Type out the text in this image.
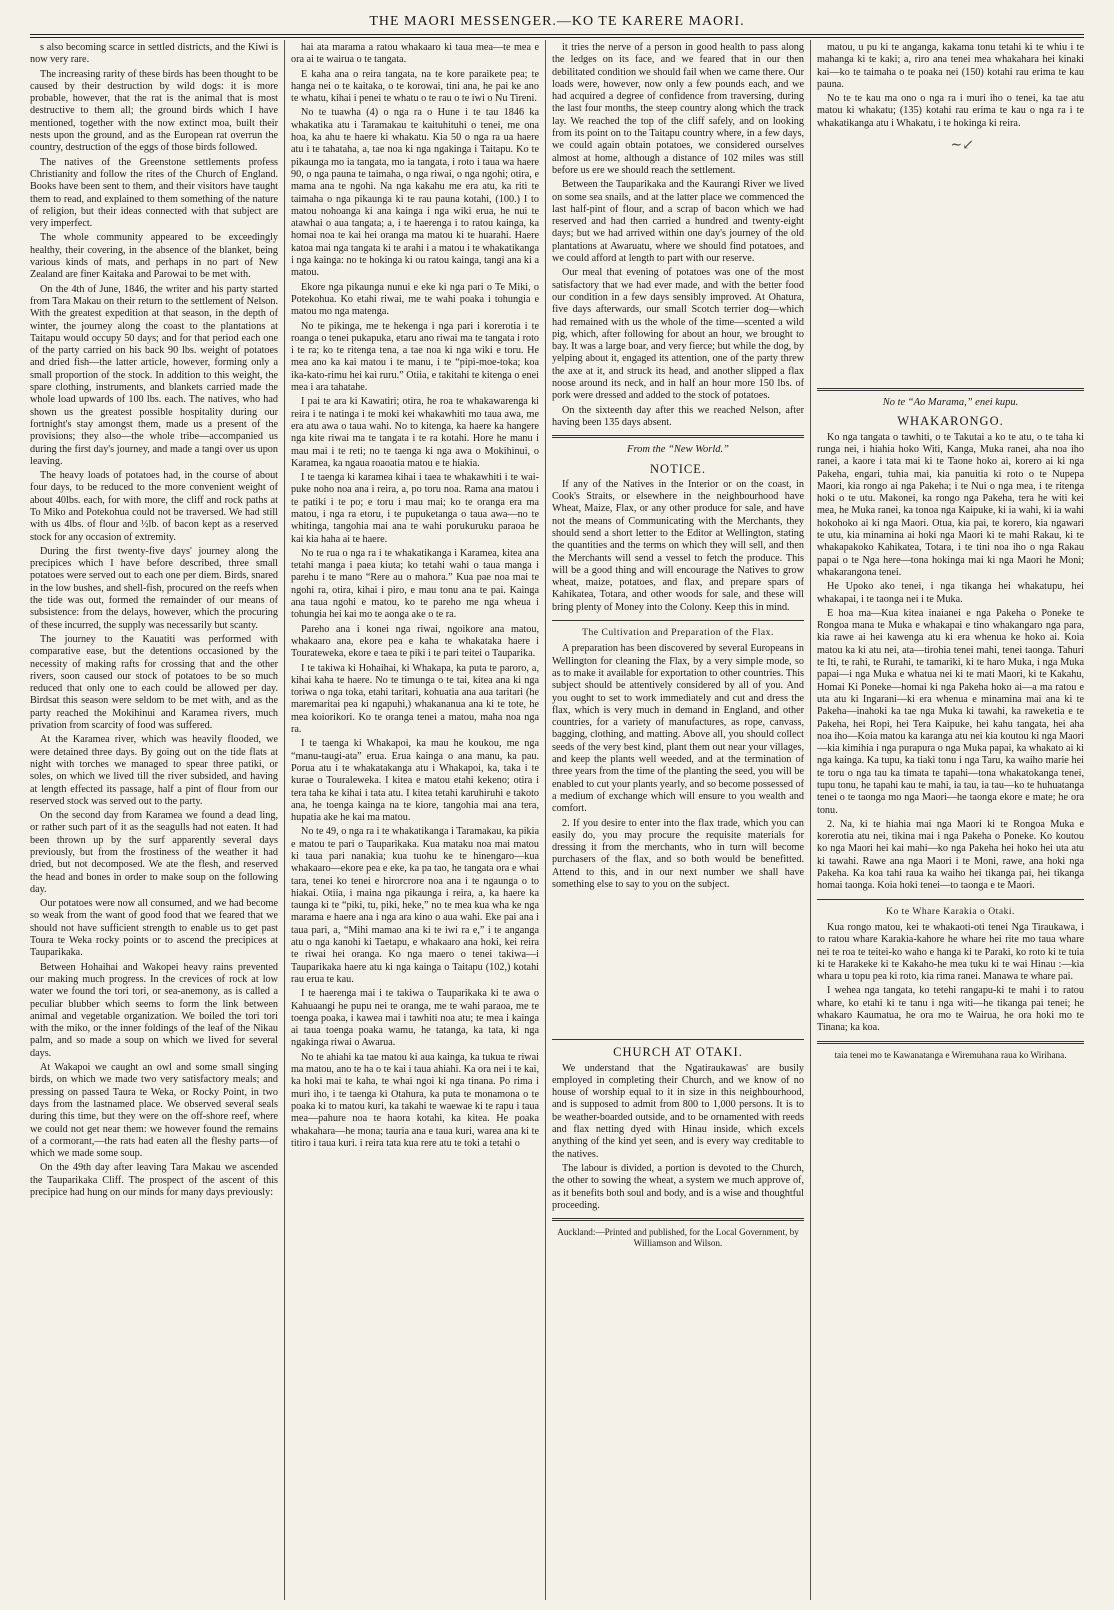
THE MAORI MESSENGER.—KO TE KARERE MAORI.

s also becoming scarce in settled districts, and the Kiwi is now very rare.

The increasing rarity of these birds has been thought to be caused by their destruction by wild dogs: it is more probable, however, that the rat is the animal that is most destructive to them all; the ground birds which I have mentioned, together with the now extinct moa, built their nests upon the ground, and as the European rat overrun the country, destruction of the eggs of those birds followed.

The natives of the Greenstone settlements profess Christianity and follow the rites of the Church of England. Books have been sent to them, and their visitors have taught them to read, and explained to them something of the nature of religion, but their ideas connected with that subject are very imperfect.

The whole community appeared to be exceedingly healthy, their covering, in the absence of the blanket, being various kinds of mats, and perhaps in no part of New Zealand are finer Kaitaka and Parowai to be met with.

On the 4th of June, 1846, the writer and his party started from Tara Makau on their return to the settlement of Nelson. With the greatest expedition at that season, in the depth of winter, the journey along the coast to the plantations at Taitapu would occupy 50 days; and for that period each one of the party carried on his back 90 lbs. weight of potatoes and dried fish—the latter article, however, forming only a small proportion of the stock. In addition to this weight, the spare clothing, instruments, and blankets carried made the whole load upwards of 100 lbs. each. The natives, who had shown us the greatest possible hospitality during our fortnight's stay amongst them, made us a present of the provisions; they also—the whole tribe—accompanied us during the first day's journey, and made a tangi over us upon leaving.

The heavy loads of potatoes had, in the course of about four days, to be reduced to the more convenient weight of about 40lbs. each, for with more, the cliff and rock paths at To Miko and Potekohua could not be traversed. We had still with us 4lbs. of flour and ½lb. of bacon kept as a reserved stock for any occasion of extremity.

During the first twenty-five days' journey along the precipices which I have before described, three small potatoes were served out to each one per diem. Birds, snared in the low bushes, and shell-fish, procured on the reefs when the tide was out, formed the remainder of our means of subsistence: from the delays, however, which the procuring of these incurred, the supply was necessarily but scanty.

The journey to the Kauatiti was performed with comparative ease, but the detentions occasioned by the necessity of making rafts for crossing that and the other rivers, soon caused our stock of potatoes to be so much reduced that only one to each could be allowed per day. Birdsat this season were seldom to be met with, and as the party reached the Mokihinui and Karamea rivers, much privation from scarcity of food was suffered.

At the Karamea river, which was heavily flooded, we were detained three days. By going out on the tide flats at night with torches we managed to spear three patiki, or soles, on which we lived till the river subsided, and having at length effected its passage, half a pint of flour from our reserved stock was served out to the party.

On the second day from Karamea we found a dead ling, or rather such part of it as the seagulls had not eaten. It had been thrown up by the surf apparently several days previously, but from the frostiness of the weather it had dried, but not decomposed. We ate the flesh, and reserved the head and bones in order to make soup on the following day.

Our potatoes were now all consumed, and we had become so weak from the want of good food that we feared that we should not have sufficient strength to enable us to get past Toura te Weka rocky points or to ascend the precipices at Tauparikaka.

Between Hohaihai and Wakopei heavy rains prevented our making much progress. In the crevices of rock at low water we found the tori tori, or sea-anemony, as is called a peculiar blubber which seems to form the link between animal and vegetable organization. We boiled the tori tori with the miko, or the inner foldings of the leaf of the Nikau palm, and so made a soup on which we lived for several days.

At Wakapoi we caught an owl and some small singing birds, on which we made two very satisfactory meals; and pressing on passed Taura te Weka, or Rocky Point, in two days from the lastnamed place. We observed several seals during this time, but they were on the off-shore reef, where we could not get near them: we however found the remains of a cormorant,—the rats had eaten all the fleshy parts—of which we made some soup.

On the 49th day after leaving Tara Makau we ascended the Tauparikaka Cliff. The prospect of the ascent of this precipice had hung on our minds for many days previously:

hai ata marama a ratou whakaaro ki taua mea—te mea e ora ai te wairua o te tangata.

E kaha ana o reira tangata, na te kore paraikete pea; te hanga nei o te kaitaka, o te korowai, tini ana, he pai ke ano te whatu, kihai i penei te whatu o te rau o te iwi o Nu Tireni.

No te tuawha (4) o nga ra o Hune i te tau 1846 ka whakatika atu i Taramakau te kaituhituhi o tenei, me ona hoa, ka ahu te haere ki whakatu. Kia 50 o nga ra ua haere atu i te tahataha, a, tae noa ki nga ngakinga i Taitapu. Ko te pikaunga mo ia tangata, mo ia tangata, i roto i taua wa haere 90, o nga pauna te taimaha, o nga riwai, o nga ngohi; otira, e mama ana te ngohi. Na nga kakahu me era atu, ka riti te taimaha o nga pikaunga ki te rau pauna kotahi, (100.) I to matou nohoanga ki ana kainga i nga wiki erua, he nui te atawhai o aua tangata; a, i te haerenga i to ratou kainga, ka homai noa te kai hei oranga ma matou ki te huarahi. Haere katoa mai nga tangata ki te arahi i a matou i te whakatikanga i nga kainga: no te hokinga ki ou ratou kainga, tangi ana ki a matou.

Ekore nga pikaunga nunui e eke ki nga pari o Te Miki, o Potekohua. Ko etahi riwai, me te wahi poaka i tohungia e matou mo nga matenga.

No te pikinga, me te hekenga i nga pari i korerotia i te roanga o tenei pukapuka, etaru ano riwai ma te tangata i roto i te ra; ko te ritenga tena, a tae noa ki nga wiki e toru. He mea ano ka kai matou i te manu, i te “pipi-moe-toka; koa ika-kato-rimu hei kai ruru.” Otiia, e takitahi te kitenga o enei mea i ara tahatahe.

I pai te ara ki Kawatiri; otira, he roa te whakawarenga ki reira i te natinga i te moki kei whakawhiti mo taua awa, me era atu awa o taua wahi. No to kitenga, ka haere ka hangere nga kite riwai ma te tangata i te ra kotahi. Hore he manu i mau mai i te reti; no te taenga ki nga awa o Mokihinui, o Karamea, ka ngaua roaoatia matou e te hiakia.

I te taenga ki karamea kihai i taea te whakawhiti i te wai-puke noho noa ana i reira, a, po toru noa. Rama ana matou i te patiki i te po; e toru i mau mai; ko te oranga era ma matou, i nga ra etoru, i te pupuketanga o taua awa—no te whitinga, tangohia mai ana te wahi porukuruku paraoa he kai kia haha ai te haere.

No te rua o nga ra i te whakatikanga i Karamea, kitea ana tetahi manga i paea kiuta; ko tetahi wahi o taua manga i parehu i te mano “Rere au o mahora.” Kua pae noa mai te ngohi ra, otira, kihai i piro, e mau tonu ana te pai. Kainga ana taua ngohi e matou, ko te pareho me nga wheua i tohungia hei kai mo te aonga ake o te ra.

Pareho ana i konei nga riwai, ngoikore ana matou, whakaaro ana, ekore pea e kaha te whakataka haere i Tourateweka, ekore e taea te piki i te pari teitei o Tauparika.

I te takiwa ki Hohaihai, ki Whakapa, ka puta te paroro, a, kihai kaha te haere. No te timunga o te tai, kitea ana ki nga toriwa o nga toka, etahi taritari, kohuatia ana aua taritari (he maremaritai pea ki ngapuhi,) whakananua ana ki te tote, he mea koiorikori. Ko te oranga tenei a matou, maha noa nga ra.

I te taenga ki Whakapoi, ka mau he koukou, me nga “manu-taugi-ata” erua. Erua kainga o ana manu, ka pau. Porua atu i te whakatakanga atu i Whakapoi, ka, taka i te kurae o Touraleweka. I kitea e matou etahi kekeno; otira i tera taha ke kihai i tata atu. I kitea tetahi karuhiruhi e takoto ana, he toenga kainga na te kiore, tangohia mai ana tera, hupatia ake he kai ma matou.

No te 49, o nga ra i te whakatikanga i Taramakau, ka pikia e matou te pari o Tauparikaka. Kua mataku noa mai matou ki taua pari nanakia; kua tuohu ke te hinengaro—kua whakaaro—ekore pea e eke, ka pa tao, he tangata ora e whai tara, tenei ko tenei e hirorcrore noa ana i te ngaunga o to hiakai. Otiia, i maina nga pikaunga i reira, a, ka haere ka taunga ki te “piki, tu, piki, heke,” no te mea kua wha ke nga marama e haere ana i nga ara kino o aua wahi. Eke pai ana i taua pari, a, “Mihi mamao ana ki te iwi ra e,” i te anganga atu o nga kanohi ki Taetapu, e whakaaro ana hoki, kei reira te riwai hei oranga. Ko nga maero o tenei takiwa—i Tauparikaka haere atu ki nga kainga o Taitapu (102,) kotahi rau erua te kau.

I te haerenga mai i te takiwa o Tauparikaka ki te awa o Kahuaangi he pupu nei te oranga, me te wahi paraoa, me te toenga poaka, i kawea mai i tawhiti noa atu; te mea i kainga ai taua toenga poaka wamu, he tatanga, ka tata, ki nga ngakinga riwai o Awarua.

No te ahiahi ka tae matou ki aua kainga, ka tukua te riwai ma matou, ano te ha o te kai i taua ahiahi. Ka ora nei i te kai, ka hoki mai te kaha, te whai ngoi ki nga tinana. Po rima i muri iho, i te taenga ki Otahura, ka puta te monamona o te poaka ki to matou kuri, ka takahi te waewae ki te rapu i taua mea—pahure noa te haora kotahi, ka kitea. He poaka whakahara—he mona; tauria ana e taua kuri, warea ana ki te titiro i taua kuri. i reira tata kua rere atu te toki a tetahi o

it tries the nerve of a person in good health to pass along the ledges on its face, and we feared that in our then debilitated condition we should fail when we came there. Our loads were, however, now only a few pounds each, and we had acquired a degree of confidence from traversing, during the last four months, the steep country along which the track lay. We reached the top of the cliff safely, and on looking from its point on to the Taitapu country where, in a few days, we could again obtain potatoes, we considered ourselves almost at home, although a distance of 102 miles was still before us ere we should reach the settlement.

Between the Tauparikaka and the Kaurangi River we lived on some sea snails, and at the latter place we commenced the last half-pint of flour, and a scrap of bacon which we had reserved and had then carried a hundred and twenty-eight days; but we had arrived within one day's journey of the old plantations at Awaruatu, where we should find potatoes, and we could afford at length to part with our reserve.

Our meal that evening of potatoes was one of the most satisfactory that we had ever made, and with the better food our condition in a few days sensibly improved. At Ohatura, five days afterwards, our small Scotch terrier dog—which had remained with us the whole of the time—scented a wild pig, which, after following for about an hour, we brought to bay. It was a large boar, and very fierce; but while the dog, by yelping about it, engaged its attention, one of the party threw the axe at it, and struck its head, and another slipped a flax noose around its neck, and in half an hour more 150 lbs. of pork were dressed and added to the stock of potatoes.

On the sixteenth day after this we reached Nelson, after having been 135 days absent.

From the “New World.”
NOTICE.

If any of the Natives in the Interior or on the coast, in Cook's Straits, or elsewhere in the neighbourhood have Wheat, Maize, Flax, or any other produce for sale, and have not the means of Communicating with the Merchants, they should send a short letter to the Editor at Wellington, stating the quantities and the terms on which they will sell, and then the Merchants will send a vessel to fetch the produce. This will be a good thing and will encourage the Natives to grow wheat, maize, potatoes, and flax, and prepare spars of Kahikatea, Totara, and other woods for sale, and these will bring plenty of Money into the Colony. Keep this in mind.

The Cultivation and Preparation of the Flax.

A preparation has been discovered by several Europeans in Wellington for cleaning the Flax, by a very simple mode, so as to make it available for exportation to other countries. This subject should be attentively considered by all of you. And you ought to set to work immediately and cut and dress the flax, which is very much in demand in England, and other countries, for a variety of manufactures, as rope, canvass, bagging, clothing, and matting. Above all, you should collect seeds of the very best kind, plant them out near your villages, and keep the plants well weeded, and at the termination of three years from the time of the planting the seed, you will be enabled to cut your plants yearly, and so become possessed of a medium of exchange which will ensure to you wealth and comfort.

2. If you desire to enter into the flax trade, which you can easily do, you may procure the requisite materials for dressing it from the merchants, who in turn will become purchasers of the flax, and so both would be benefitted. Attend to this, and in our next number we shall have something else to say to you on the subject.

CHURCH AT OTAKI.

We understand that the Ngatiraukawas' are busily employed in completing their Church, and we know of no house of worship equal to it in size in this neighbourhood, and is supposed to admit from 800 to 1,000 persons. It is to be weather-boarded outside, and to be ornamented with reeds and flax netting dyed with Hinau inside, which excels anything of the kind yet seen, and is every way creditable to the natives.

The labour is divided, a portion is devoted to the Church, the other to sowing the wheat, a system we much approve of, as it benefits both soul and body, and is a wise and thoughtful proceeding.

Auckland:—Printed and published, for the Local Government, by Williamson and Wilson.

matou, u pu ki te anganga, kakama tonu tetahi ki te whiu i te mahanga ki te kaki; a, riro ana tenei mea whakahara hei kinaki kai—ko te taimaha o te poaka nei (150) kotahi rau erima te kau pauna.

No te te kau ma ono o nga ra i muri iho o tenei, ka tae atu matou ki whakatu; (135) kotahi rau erima te kau o nga ra i te whakatikanga atu i Whakatu, i te hokinga ki reira.

∼↙
No te “Ao Marama,” enei kupu.
WHAKARONGO.

Ko nga tangata o tawhiti, o te Takutai a ko te atu, o te taha ki runga nei, i hiahia hoko Witi, Kanga, Muka ranei, aha noa iho ranei, a kaore i tata mai ki te Taone hoko ai, korero ai ki nga Pakeha, engari, tuhia mai, kia panuitia ki roto o te Nupepa Maori, kia rongo ai nga Pakeha; i te Nui o nga mea, i te ritenga hoki o te utu. Makonei, ka rongo nga Pakeha, tera he witi kei mea, he Muka ranei, ka tonoa nga Kaipuke, ki ia wahi, ki ia wahi hokohoko ai ki nga Maori. Otua, kia pai, te korero, kia ngawari te utu, kia minamina ai hoki nga Maori ki te mahi Rakau, ki te whakapakoko Kahikatea, Totara, i te tini noa iho o nga Rakau papai o te Nga here—tona hokinga mai ki nga Maori he Moni; whakarangona tenei.

He Upoko ako tenei, i nga tikanga hei whakatupu, hei whakapai, i te taonga nei i te Muka.

E hoa ma—Kua kitea inaianei e nga Pakeha o Poneke te Rongoa mana te Muka e whakapai e tino whakangaro nga para, kia rawe ai hei kawenga atu ki era whenua ke hoko ai. Koia matou ka ki atu nei, ata—tirohia tenei mahi, tenei taonga. Tahuri te Iti, te rahi, te Rurahi, te tamariki, ki te haro Muka, i nga Muka papai—i nga Muka e whatua nei ki te mati Maori, ki te Kakahu, Homai Ki Poneke—homai ki nga Pakeha hoko ai—a ma ratou e uta atu ki Ingarani—ki era whenua e minamina mai ana ki te Pakeha—inahoki ka tae nga Muka ki tawahi, ka raweketia e te Pakeha, hei Ropi, hei Tera Kaipuke, hei kahu tangata, hei aha noa iho—Koia matou ka karanga atu nei kia koutou ki nga Maori—kia kimihia i nga purapura o nga Muka papai, ka whakato ai ki nga kainga. Ka tupu, ka tiaki tonu i nga Taru, ka waiho marie hei te toru o nga tau ka timata te tapahi—tona whakatokanga tenei, tupu tonu, he tapahi kau te mahi, ia tau, ia tau—ko te huhuatanga tenei o te taonga mo nga Maori—he taonga ekore e mate; he ora tonu.

2. Na, ki te hiahia mai nga Maori ki te Rongoa Muka e korerotia atu nei, tikina mai i nga Pakeha o Poneke. Ko koutou ko nga Maori hei kai mahi—ko nga Pakeha hei hoko hei uta atu ki tawahi. Rawe ana nga Maori i te Moni, rawe, ana hoki nga Pakeha. Ka koa tahi raua ka waiho hei tikanga pai, hei tikanga homai taonga. Koia hoki tenei—to taonga e te Maori.

Ko te Whare Karakia o Otaki.

Kua rongo matou, kei te whakaoti-oti tenei Nga Tiraukawa, i to ratou whare Karakia-kahore he whare hei rite mo taua whare nei te roa te teitei-ko waho e hanga ki te Paraki, ko roto ki te tuia ki te Harakeke ki te Kakaho-he mea tuku ki te wai Hinau :—kia whara u topu pea ki roto, kia rima ranei. Manawa te whare pai.

I wehea nga tangata, ko tetehi rangapu-ki te mahi i to ratou whare, ko etahi ki te tanu i nga witi—he tikanga pai tenei; he whakaro Kaumatua, he ora mo te Wairua, he ora hoki mo te Tinana; ka koa.

taia tenei mo te Kawanatanga e Wiremuhana raua ko Wirihana.
